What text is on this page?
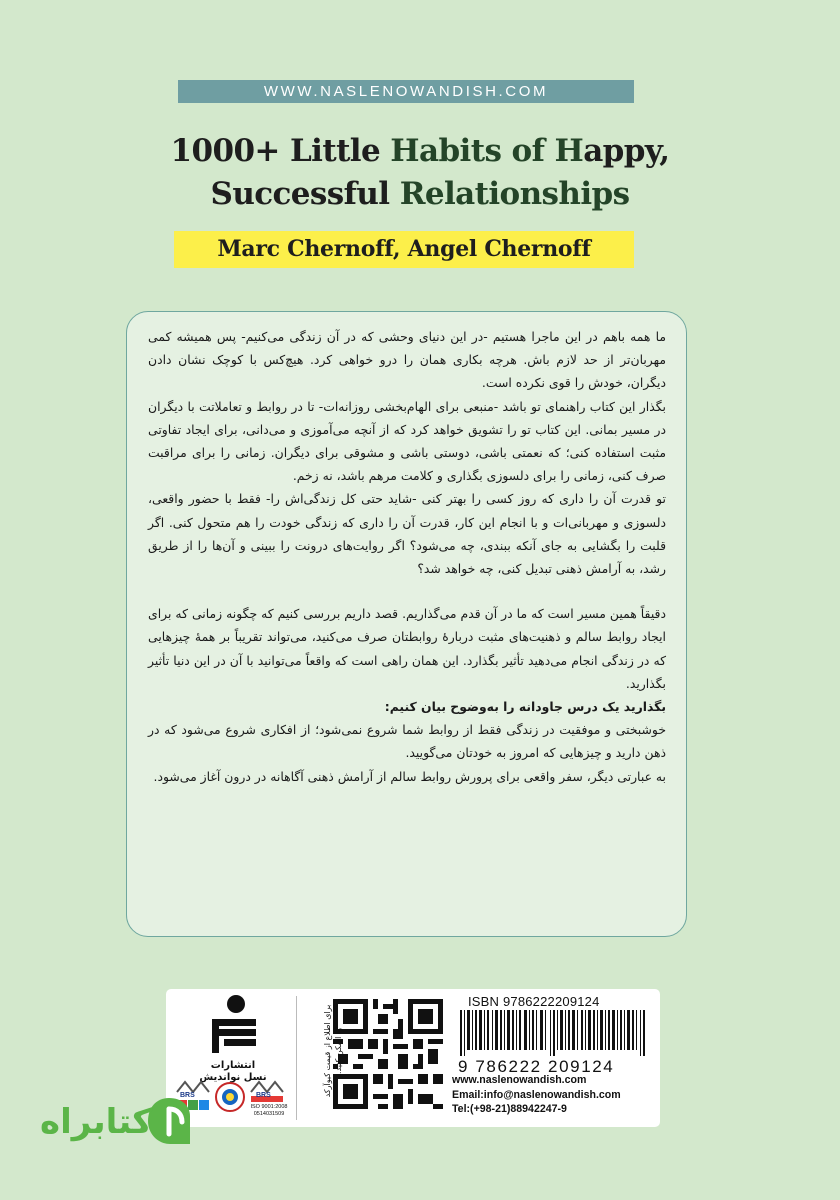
WWW.NASLENOWANDISH.COM
1000+ Little Habits of Happy,
Successful Relationships
Marc Chernoff, Angel Chernoff

ما همه باهم در این ماجرا هستیم -در این دنیای وحشی که در آن زندگی می‌کنیم- پس همیشه کمی مهربان‌تر از حد لازم باش. هرچه بکاری همان را درو خواهی کرد. هیچ‌کس با کوچک نشان دادن دیگران، خودش را قوی نکرده است.

بگذار این کتاب راهنمای تو باشد -منبعی برای الهام‌بخشی روزانه‌ات- تا در روابط و تعاملاتت با دیگران در مسیر بمانی. این کتاب تو را تشویق خواهد کرد که از آنچه می‌آموزی و می‌دانی، برای ایجاد تفاوتی مثبت استفاده کنی؛ که نعمتی باشی، دوستی باشی و مشوقی برای دیگران. زمانی را برای مراقبت صرف کنی، زمانی را برای دلسوزی بگذاری و کلامت مرهم باشد، نه زخم.

تو قدرت آن را داری که روز کسی را بهتر کنی -شاید حتی کل زندگی‌اش را- فقط با حضور واقعی، دلسوزی و مهربانی‌ات و با انجام این کار، قدرت آن را داری که زندگی خودت را هم متحول کنی. اگر قلبت را بگشایی به جای آنکه ببندی، چه می‌شود؟ اگر روایت‌های درونت را ببینی و آن‌ها را از طریق رشد، به آرامش ذهنی تبدیل کنی، چه خواهد شد؟

دقیقاً همین مسیر است که ما در آن قدم می‌گذاریم. قصد داریم بررسی کنیم که چگونه زمانی که برای ایجاد روابط سالم و ذهنیت‌های مثبت دربارهٔ روابطتان صرف می‌کنید، می‌تواند تقریباً بر همهٔ چیزهایی که در زندگی انجام می‌دهید تأثیر بگذارد. این همان راهی است که واقعاً می‌توانید با آن در این دنیا تأثیر بگذارید.

بگذارید یک درس جاودانه را به‌وضوح بیان کنیم:

خوشبختی و موفقیت در زندگی فقط از روابط شما شروع نمی‌شود؛ از افکاری شروع می‌شود که در ذهن دارید و چیزهایی که امروز به خودتان می‌گویید.

به عبارتی دیگر، سفر واقعی برای پرورش روابط سالم از آرامش ذهنی آگاهانه در درون آغاز می‌شود.

ISBN 9786222209124
9 786222 209124
www.naslenowandish.com
Email:info@naslenowandish.com
Tel:(+98-21)88942247-9
برای اطلاع از قیمت کیوآرکد را اسکن کنید.
انتشارات
نسل نواندیش
BRS	BRS
ISO 9001:2008
0514031509
کتابراه
